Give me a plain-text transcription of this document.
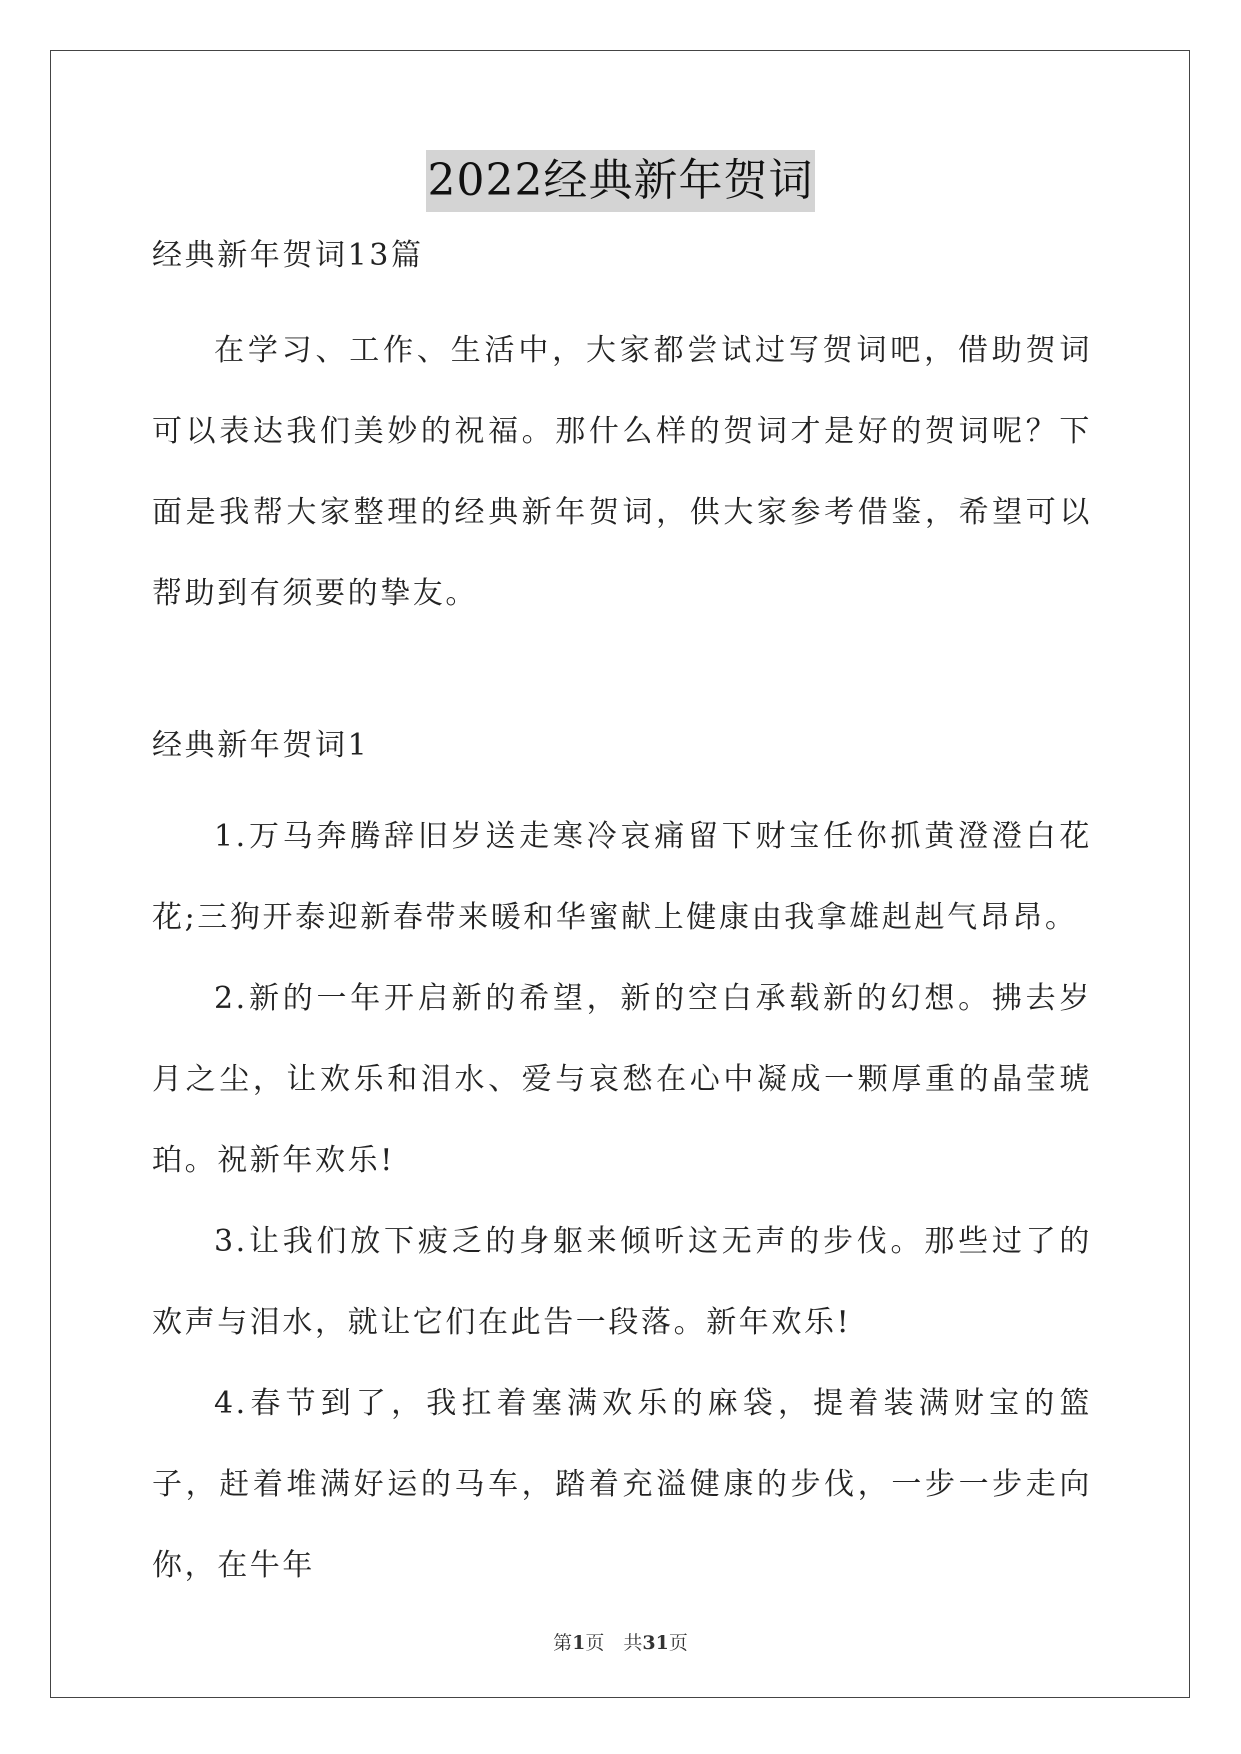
2022经典新年贺词

经典新年贺词13篇

在学习、工作、生活中，大家都尝试过写贺词吧，借助贺词可以表达我们美妙的祝福。那什么样的贺词才是好的贺词呢？下面是我帮大家整理的经典新年贺词，供大家参考借鉴，希望可以帮助到有须要的挚友。

经典新年贺词1

1.万马奔腾辞旧岁送走寒冷哀痛留下财宝任你抓黄澄澄白花花;三狗开泰迎新春带来暖和华蜜献上健康由我拿雄赳赳气昂昂。

2.新的一年开启新的希望，新的空白承载新的幻想。拂去岁月之尘，让欢乐和泪水、爱与哀愁在心中凝成一颗厚重的晶莹琥珀。祝新年欢乐!

3.让我们放下疲乏的身躯来倾听这无声的步伐。那些过了的欢声与泪水，就让它们在此告一段落。新年欢乐!

4.春节到了，我扛着塞满欢乐的麻袋，提着装满财宝的篮子，赶着堆满好运的马车，踏着充溢健康的步伐，一步一步走向你，在牛年

第1页　共31页
